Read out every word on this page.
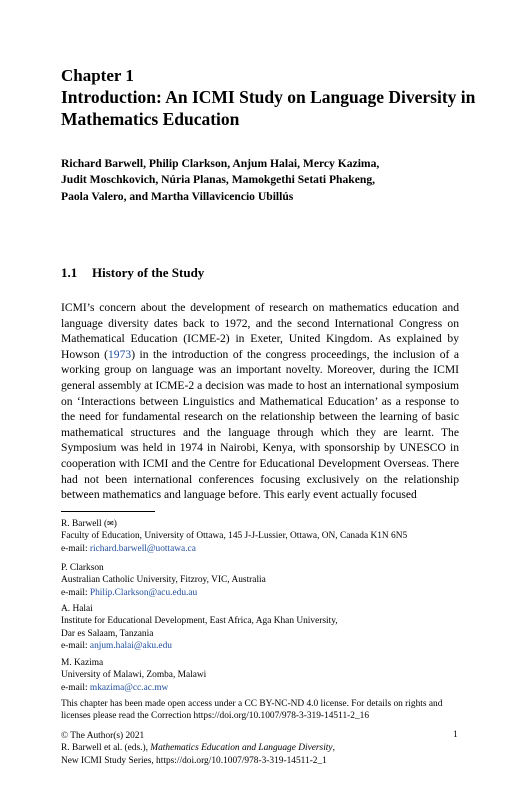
Chapter 1
Introduction: An ICMI Study on Language Diversity in Mathematics Education
Richard Barwell, Philip Clarkson, Anjum Halai, Mercy Kazima,
Judit Moschkovich, Núria Planas, Mamokgethi Setati Phakeng,
Paola Valero, and Martha Villavicencio Ubillús
1.1 History of the Study

ICMI’s concern about the development of research on mathematics education and language diversity dates back to 1972, and the second International Congress on Mathematical Education (ICME-2) in Exeter, United Kingdom. As explained by Howson (1973) in the introduction of the congress proceedings, the inclusion of a working group on language was an important novelty. Moreover, during the ICMI general assembly at ICME-2 a decision was made to host an international symposium on ‘Interactions between Linguistics and Mathematical Education’ as a response to the need for fundamental research on the relationship between the learning of basic mathematical structures and the language through which they are learnt. The Symposium was held in 1974 in Nairobi, Kenya, with sponsorship by UNESCO in cooperation with ICMI and the Centre for Educational Development Overseas. There had not been international conferences focusing exclusively on the relationship between mathematics and language before. This early event actually focused

R. Barwell (✉)
Faculty of Education, University of Ottawa, 145 J-J-Lussier, Ottawa, ON, Canada K1N 6N5
e-mail: richard.barwell@uottawa.ca
P. Clarkson
Australian Catholic University, Fitzroy, VIC, Australia
e-mail: Philip.Clarkson@acu.edu.au
A. Halai
Institute for Educational Development, East Africa, Aga Khan University,
Dar es Salaam, Tanzania
e-mail: anjum.halai@aku.edu
M. Kazima
University of Malawi, Zomba, Malawi
e-mail: mkazima@cc.ac.mw
This chapter has been made open access under a CC BY-NC-ND 4.0 license. For details on rights and licenses please read the Correction https://doi.org/10.1007/978-3-319-14511-2_16
© The Author(s) 2021
R. Barwell et al. (eds.), Mathematics Education and Language Diversity,
New ICMI Study Series, https://doi.org/10.1007/978-3-319-14511-2_1
1
